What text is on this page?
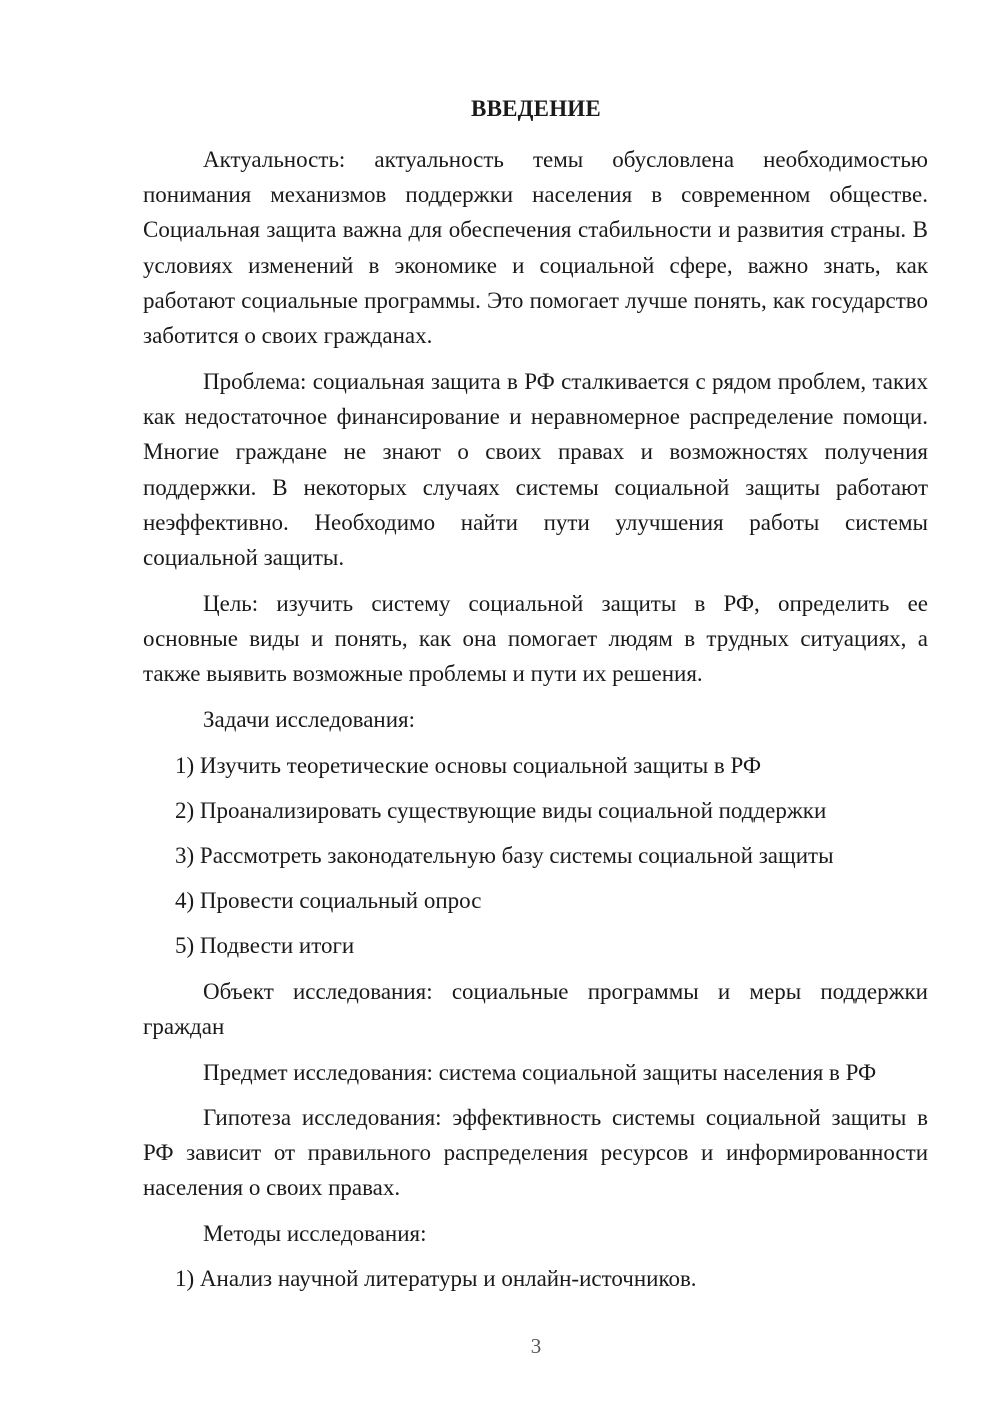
ВВЕДЕНИЕ

Актуальность: актуальность темы обусловлена необходимостью понимания механизмов поддержки населения в современном обществе. Социальная защита важна для обеспечения стабильности и развития страны. В условиях изменений в экономике и социальной сфере, важно знать, как работают социальные программы. Это помогает лучше понять, как государство заботится о своих гражданах.

Проблема: социальная защита в РФ сталкивается с рядом проблем, таких как недостаточное финансирование и неравномерное распределение помощи. Многие граждане не знают о своих правах и возможностях получения поддержки. В некоторых случаях системы социальной защиты работают неэффективно. Необходимо найти пути улучшения работы системы социальной защиты.

Цель: изучить систему социальной защиты в РФ, определить ее основные виды и понять, как она помогает людям в трудных ситуациях, а также выявить возможные проблемы и пути их решения.

Задачи исследования:

1) Изучить теоретические основы социальной защиты в РФ

2) Проанализировать существующие виды социальной поддержки

3) Рассмотреть законодательную базу системы социальной защиты

4) Провести социальный опрос

5) Подвести итоги

Объект исследования: социальные программы и меры поддержки граждан

Предмет исследования: система социальной защиты населения в РФ

Гипотеза исследования: эффективность системы социальной защиты в РФ зависит от правильного распределения ресурсов и информированности населения о своих правах.

Методы исследования:

1) Анализ научной литературы и онлайн-источников.

3
